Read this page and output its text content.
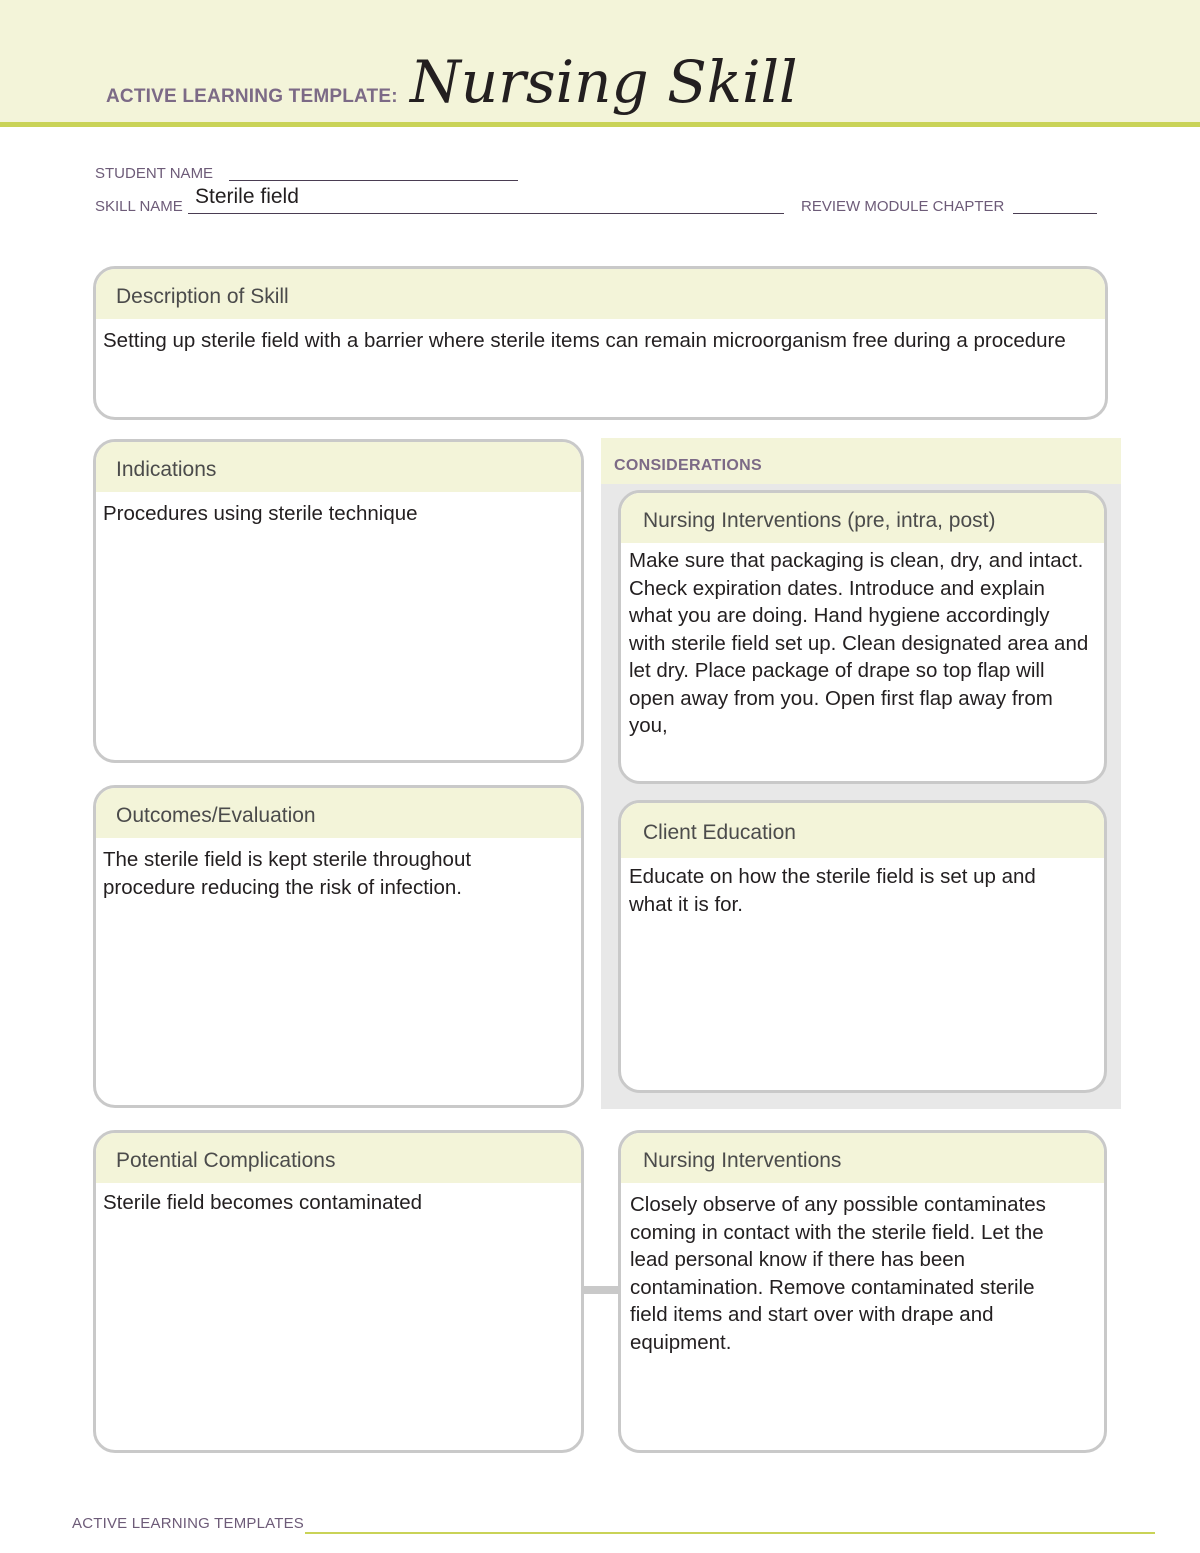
ACTIVE LEARNING TEMPLATE: Nursing Skill
STUDENT NAME
SKILL NAME Sterile field	REVIEW MODULE CHAPTER
Description of Skill
Setting up sterile field with a barrier where sterile items can remain microorganism free during a procedure
Indications
Procedures using sterile technique
Outcomes/Evaluation
The sterile field is kept sterile throughout procedure reducing the risk of infection.
CONSIDERATIONS
Nursing Interventions (pre, intra, post)
Make sure that packaging is clean, dry, and intact. Check expiration dates. Introduce and explain what you are doing. Hand hygiene accordingly with sterile field set up. Clean designated area and let dry. Place package of drape so top flap will open away from you. Open first flap away from you,
Client Education
Educate on how the sterile field is set up and what it is for.
Potential Complications
Sterile field becomes contaminated
Nursing Interventions
Closely observe of any possible contaminates coming in contact with the sterile field. Let the lead personal know if there has been contamination. Remove contaminated sterile field items and start over with drape and equipment.
ACTIVE LEARNING TEMPLATES
